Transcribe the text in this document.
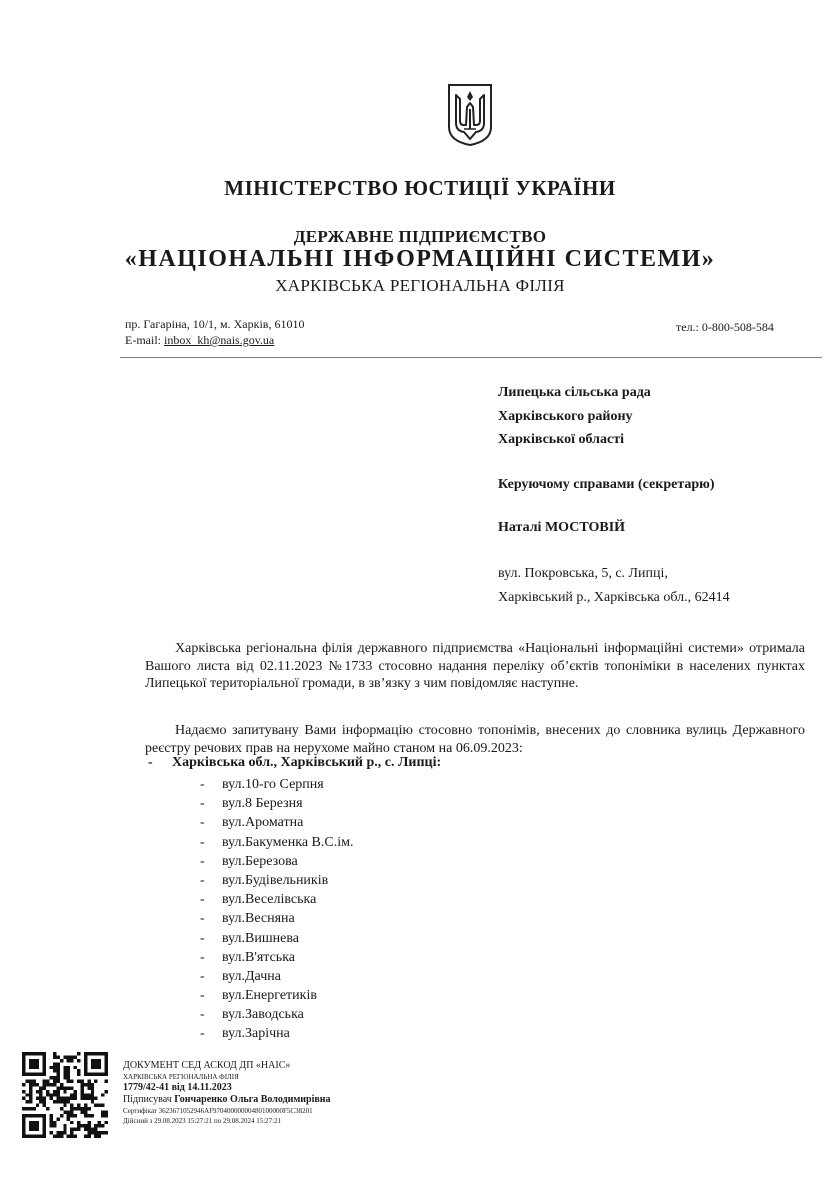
МІНІСТЕРСТВО ЮСТИЦІЇ УКРАЇНИ
ДЕРЖАВНЕ ПІДПРИЄМСТВО
«НАЦІОНАЛЬНІ ІНФОРМАЦІЙНІ СИСТЕМИ»
ХАРКІВСЬКА РЕГІОНАЛЬНА ФІЛІЯ
пр. Гагаріна, 10/1, м. Харків, 61010
E-mail: inbox_kh@nais.gov.ua
тел.: 0-800-508-584
Липецька сільська рада
Харківського району
Харківської області
Керуючому справами (секретарю)
Наталі МОСТОВІЙ
вул. Покровська, 5, с. Липці,
Харківський р., Харківська обл., 62414
Харківська регіональна філія державного підприємства «Національні інформаційні системи» отримала Вашого листа від 02.11.2023 №1733 стосовно надання переліку об’єктів топоніміки в населених пунктах Липецької територіальної громади, в зв’язку з чим повідомляє наступне.
Надаємо запитувану Вами інформацію стосовно топонімів, внесених до словника вулиць Державного реєстру речових прав на нерухоме майно станом на 06.09.2023:
- Харківська обл., Харківський р., с. Липці:
- вул.10-го Серпня
- вул.8 Березня
- вул.Ароматна
- вул.Бакуменка В.С.ім.
- вул.Березова
- вул.Будівельників
- вул.Веселівська
- вул.Весняна
- вул.Вишнева
- вул.В'ятська
- вул.Дачна
- вул.Енергетиків
- вул.Заводська
- вул.Зарічна
ДОКУМЕНТ СЕД АСКОД ДП «НАІС»
ХАРКІВСЬКА РЕГІОНАЛЬНА ФІЛІЯ
1779/42-41 від 14.11.2023
Підписувач Гончаренко Ольга Володимирівна
Сертифікат 3623671052946AF97040000000480100000F5C38201
Дійсний з 29.08.2023 15:27:21 по 29.08.2024 15:27:21
